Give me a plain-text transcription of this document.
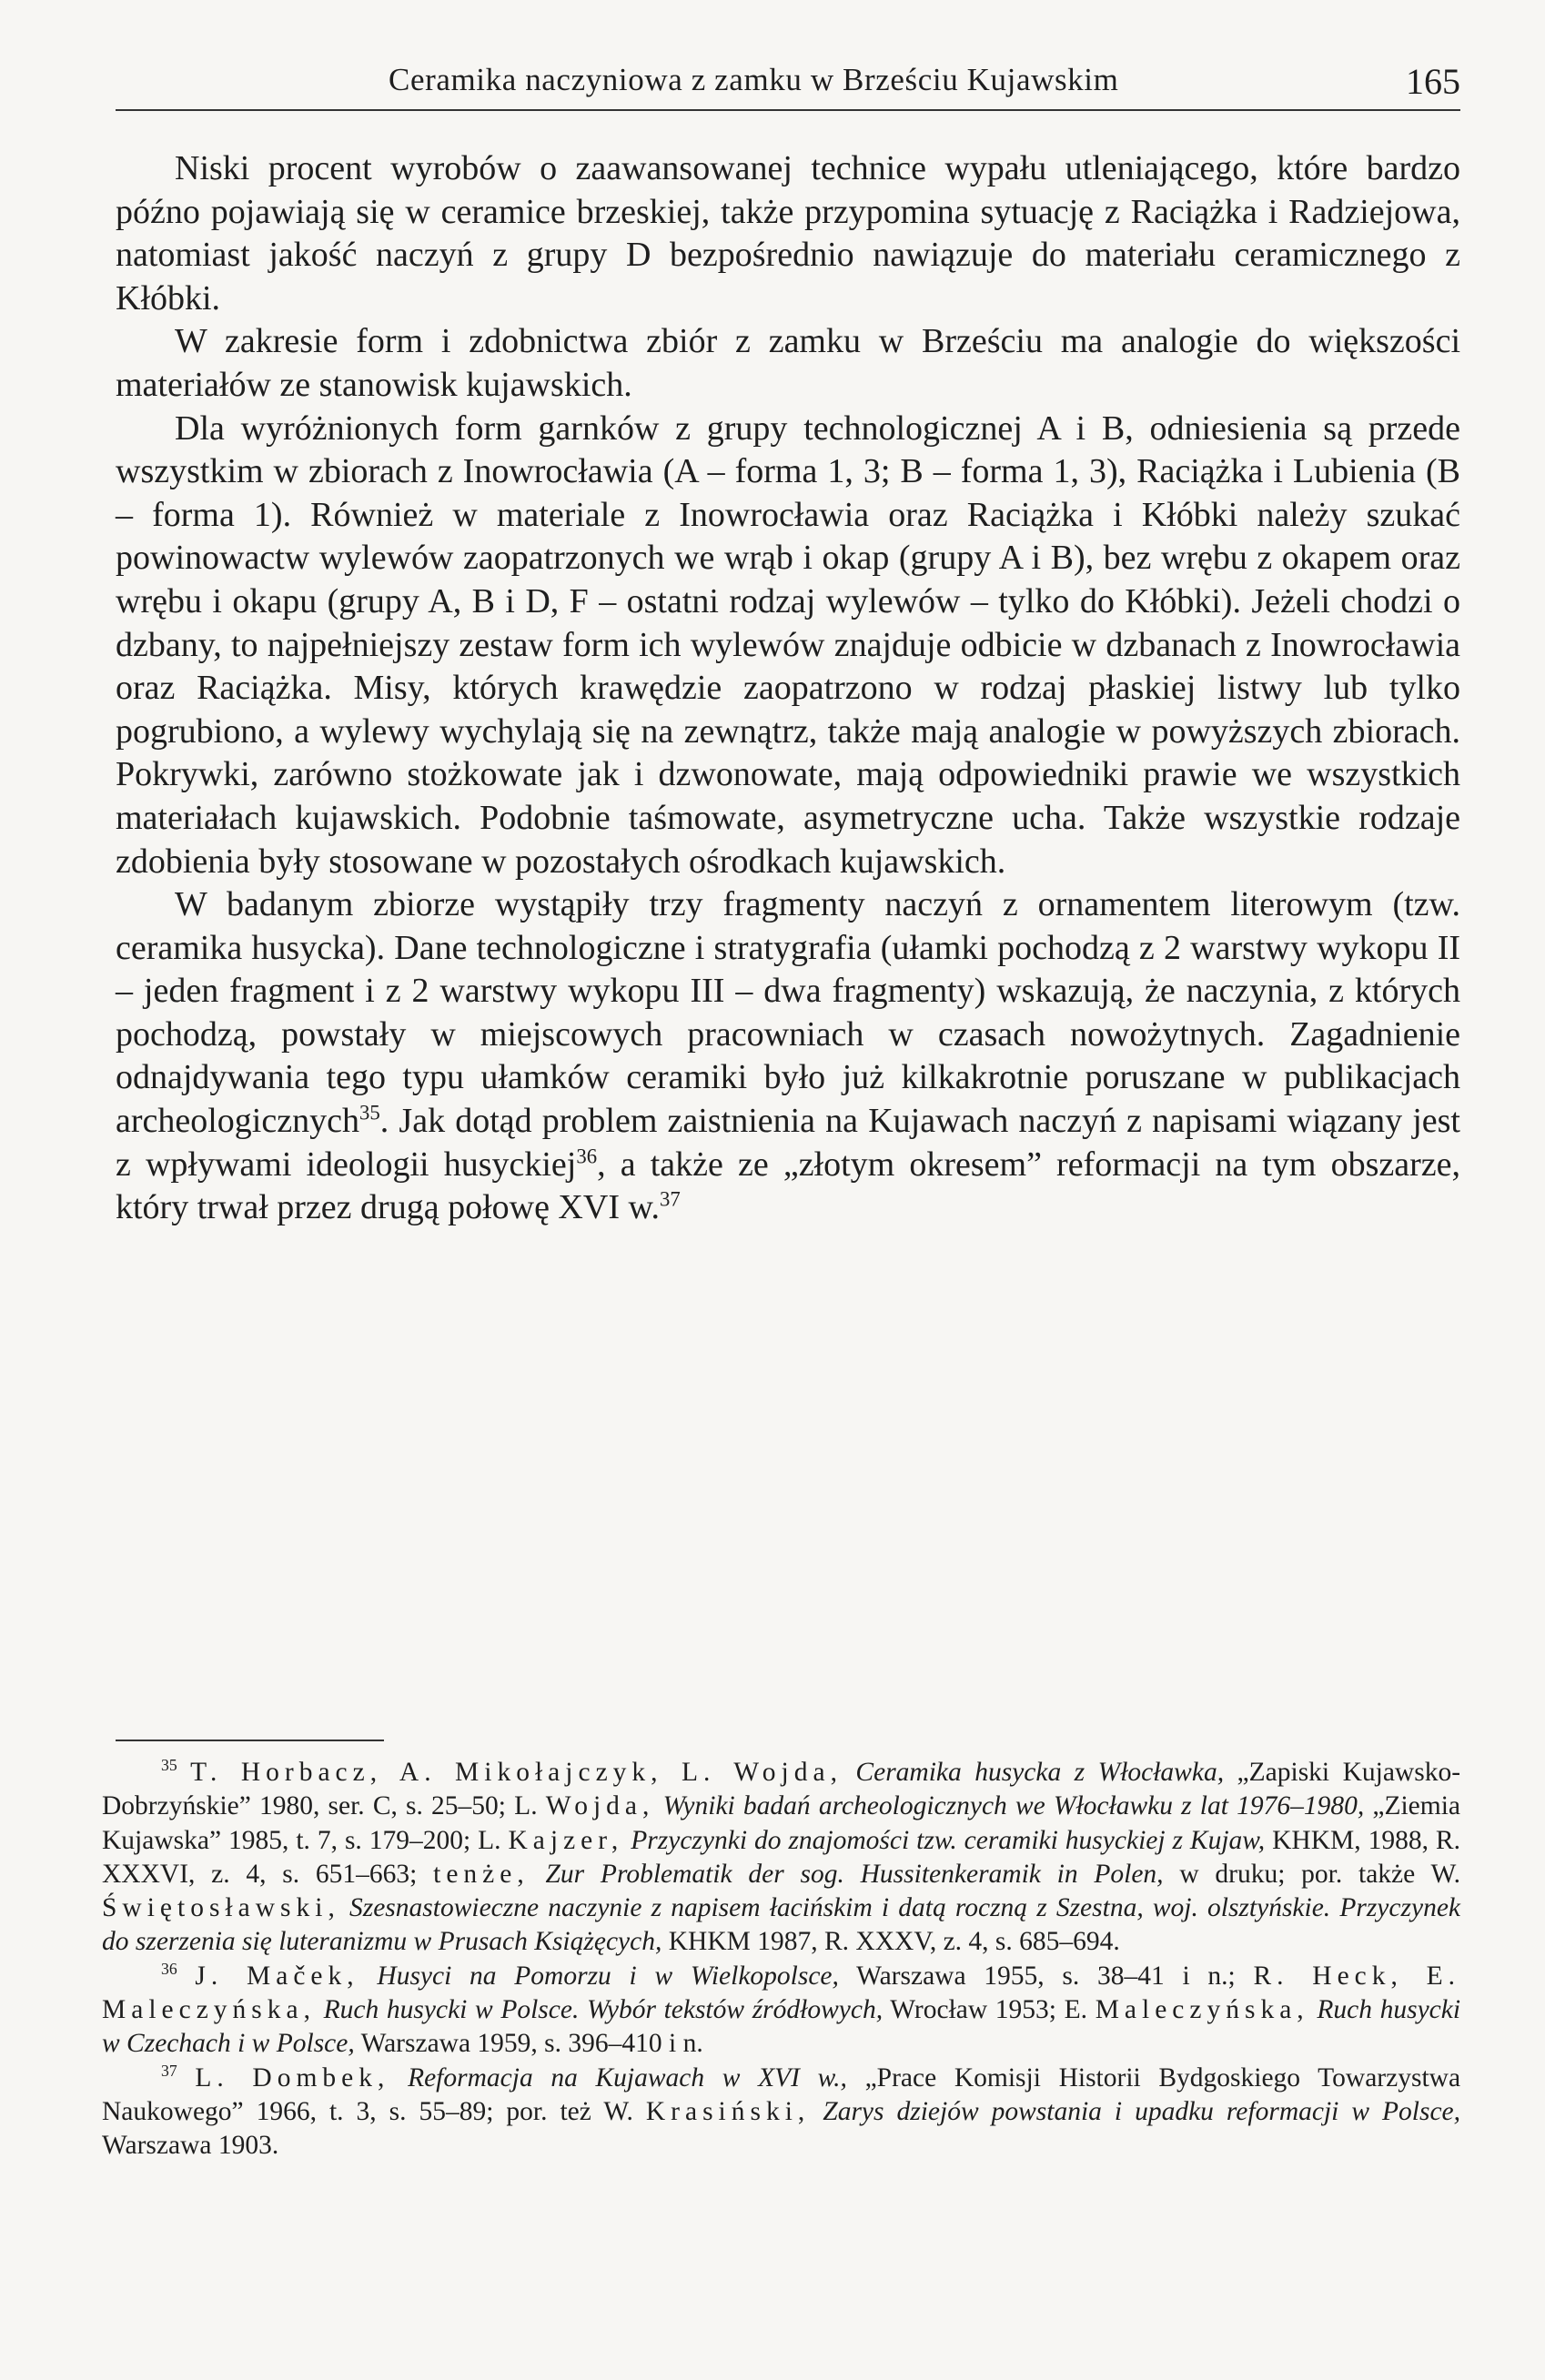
Ceramika naczyniowa z zamku w Brześciu Kujawskim	165

Niski procent wyrobów o zaawansowanej technice wypału utleniającego, które bardzo późno pojawiają się w ceramice brzeskiej, także przypomina sytuację z Raciążka i Radziejowa, natomiast jakość naczyń z grupy D bezpośrednio nawiązuje do materiału ceramicznego z Kłóbki.

W zakresie form i zdobnictwa zbiór z zamku w Brześciu ma analogie do większości materiałów ze stanowisk kujawskich.

Dla wyróżnionych form garnków z grupy technologicznej A i B, odniesienia są przede wszystkim w zbiorach z Inowrocławia (A – forma 1, 3; B – forma 1, 3), Raciążka i Lubienia (B – forma 1). Również w materiale z Inowrocławia oraz Raciążka i Kłóbki należy szukać powinowactw wylewów zaopatrzonych we wrąb i okap (grupy A i B), bez wrębu z okapem oraz wrębu i okapu (grupy A, B i D, F – ostatni rodzaj wylewów – tylko do Kłóbki). Jeżeli chodzi o dzbany, to najpełniejszy zestaw form ich wylewów znajduje odbicie w dzbanach z Inowrocławia oraz Raciążka. Misy, których krawędzie zaopatrzono w rodzaj płaskiej listwy lub tylko pogrubiono, a wylewy wychylają się na zewnątrz, także mają analogie w powyższych zbiorach. Pokrywki, zarówno stożkowate jak i dzwonowate, mają odpowiedniki prawie we wszystkich materiałach kujawskich. Podobnie taśmowate, asymetryczne ucha. Także wszystkie rodzaje zdobienia były stosowane w pozostałych ośrodkach kujawskich.

W badanym zbiorze wystąpiły trzy fragmenty naczyń z ornamentem literowym (tzw. ceramika husycka). Dane technologiczne i stratygrafia (ułamki pochodzą z 2 warstwy wykopu II – jeden fragment i z 2 warstwy wykopu III – dwa fragmenty) wskazują, że naczynia, z których pochodzą, powstały w miejscowych pracowniach w czasach nowożytnych. Zagadnienie odnajdywania tego typu ułamków ceramiki było już kilkakrotnie poruszane w publikacjach archeologicznych$^{35}$. Jak dotąd problem zaistnienia na Kujawach naczyń z napisami wiązany jest z wpływami ideologii husyckiej$^{36}$, a także ze „złotym okresem” reformacji na tym obszarze, który trwał przez drugą połowę XVI w.$^{37}$

$^{35}$ T. Horbacz, A. Mikołajczyk, L. Wojda, Ceramika husycka z Włocławka, „Zapiski Kujawsko-Dobrzyńskie” 1980, ser. C, s. 25–50; L. Wojda, Wyniki badań archeologicznych we Włocławku z lat 1976–1980, „Ziemia Kujawska” 1985, t. 7, s. 179–200; L. Kajzer, Przyczynki do znajomości tzw. ceramiki husyckiej z Kujaw, KHKM, 1988, R. XXXVI, z. 4, s. 651–663; tenże, Zur Problematik der sog. Hussitenkeramik in Polen, w druku; por. także W. Świętosławski, Szesnastowieczne naczynie z napisem łacińskim i datą roczną z Szestna, woj. olsztyńskie. Przyczynek do szerzenia się luteranizmu w Prusach Książęcych, KHKM 1987, R. XXXV, z. 4, s. 685–694.

$^{36}$ J. Maček, Husyci na Pomorzu i w Wielkopolsce, Warszawa 1955, s. 38–41 i n.; R. Heck, E. Maleczyńska, Ruch husycki w Polsce. Wybór tekstów źródłowych, Wrocław 1953; E. Maleczyńska, Ruch husycki w Czechach i w Polsce, Warszawa 1959, s. 396–410 i n.

$^{37}$ L. Dombek, Reformacja na Kujawach w XVI w., „Prace Komisji Historii Bydgoskiego Towarzystwa Naukowego” 1966, t. 3, s. 55–89; por. też W. Krasiński, Zarys dziejów powstania i upadku reformacji w Polsce, Warszawa 1903.
